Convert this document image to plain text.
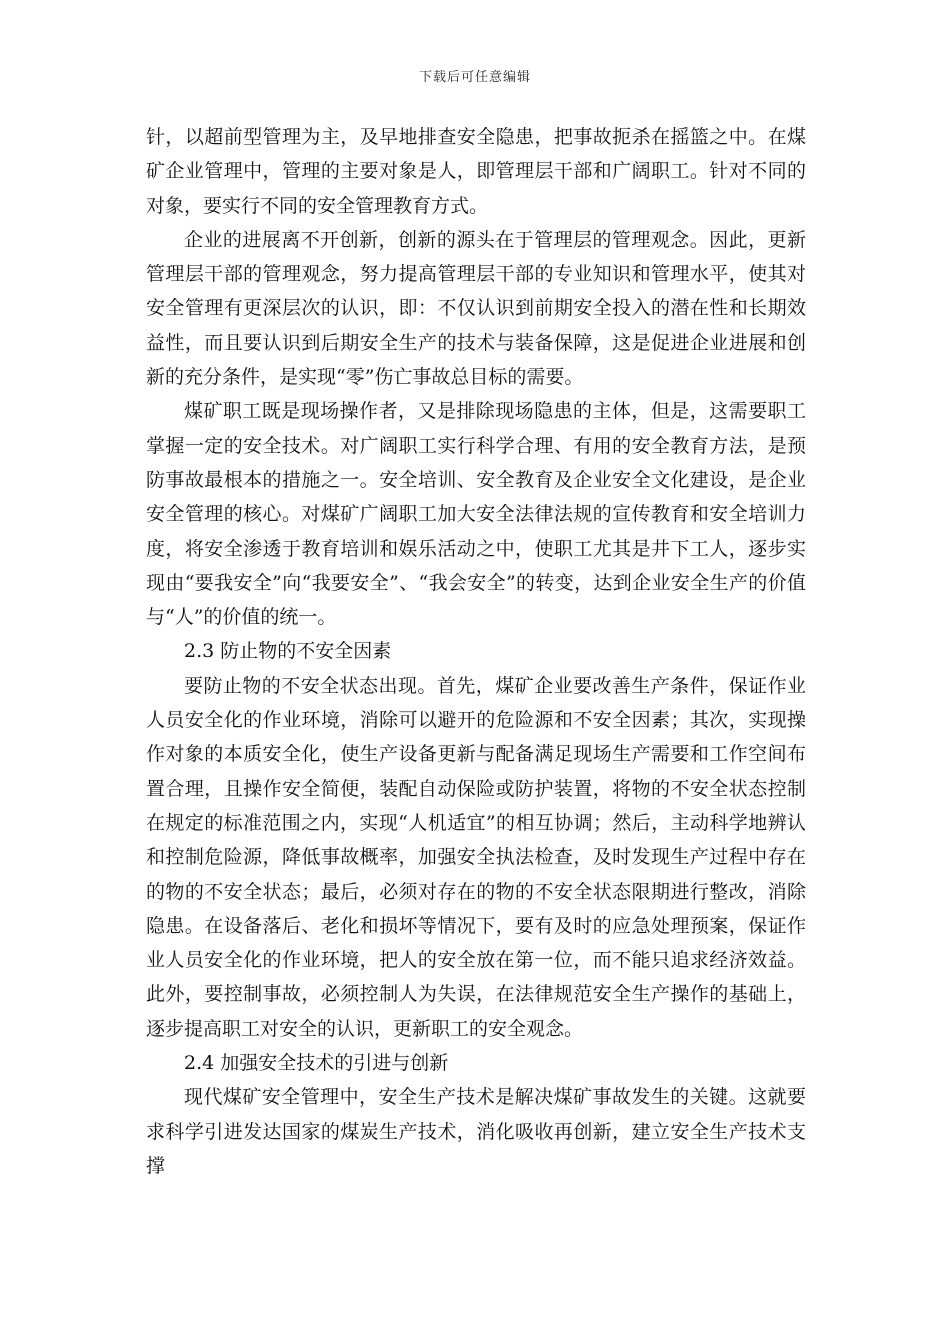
下载后可任意编辑

针，以超前型管理为主，及早地排查安全隐患，把事故扼杀在摇篮之中。在煤矿企业管理中，管理的主要对象是人，即管理层干部和广阔职工。针对不同的对象，要实行不同的安全管理教育方式。

企业的进展离不开创新，创新的源头在于管理层的管理观念。因此，更新管理层干部的管理观念，努力提高管理层干部的专业知识和管理水平，使其对安全管理有更深层次的认识，即：不仅认识到前期安全投入的潜在性和长期效益性，而且要认识到后期安全生产的技术与装备保障，这是促进企业进展和创新的充分条件，是实现“零”伤亡事故总目标的需要。

煤矿职工既是现场操作者，又是排除现场隐患的主体，但是，这需要职工掌握一定的安全技术。对广阔职工实行科学合理、有用的安全教育方法，是预防事故最根本的措施之一。安全培训、安全教育及企业安全文化建设，是企业安全管理的核心。对煤矿广阔职工加大安全法律法规的宣传教育和安全培训力度，将安全渗透于教育培训和娱乐活动之中，使职工尤其是井下工人，逐步实现由“要我安全”向“我要安全”、“我会安全”的转变，达到企业安全生产的价值与“人”的价值的统一。

2.3 防止物的不安全因素

要防止物的不安全状态出现。首先，煤矿企业要改善生产条件，保证作业人员安全化的作业环境，消除可以避开的危险源和不安全因素；其次，实现操作对象的本质安全化，使生产设备更新与配备满足现场生产需要和工作空间布置合理，且操作安全简便，装配自动保险或防护装置，将物的不安全状态控制在规定的标准范围之内，实现“人机适宜”的相互协调；然后，主动科学地辨认和控制危险源，降低事故概率，加强安全执法检查，及时发现生产过程中存在的物的不安全状态；最后，必须对存在的物的不安全状态限期进行整改，消除隐患。在设备落后、老化和损坏等情况下，要有及时的应急处理预案，保证作业人员安全化的作业环境，把人的安全放在第一位，而不能只追求经济效益。此外，要控制事故，必须控制人为失误，在法律规范安全生产操作的基础上，逐步提高职工对安全的认识，更新职工的安全观念。

2.4 加强安全技术的引进与创新

现代煤矿安全管理中，安全生产技术是解决煤矿事故发生的关键。这就要求科学引进发达国家的煤炭生产技术，消化吸收再创新，建立安全生产技术支撑
